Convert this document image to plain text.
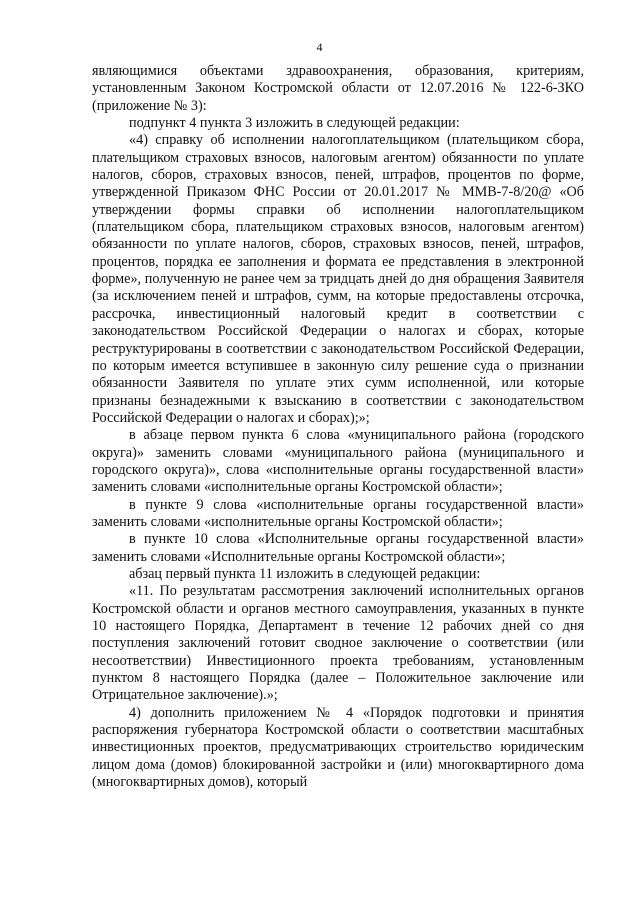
4

являющимися объектами здравоохранения, образования, критериям, установленным Законом Костромской области от 12.07.2016 № 122-6-ЗКО (приложение № 3):

подпункт 4 пункта 3 изложить в следующей редакции:

«4) справку об исполнении налогоплательщиком (плательщиком сбора, плательщиком страховых взносов, налоговым агентом) обязанности по уплате налогов, сборов, страховых взносов, пеней, штрафов, процентов по форме, утвержденной Приказом ФНС России от 20.01.2017 № ММВ-7-8/20@ «Об утверждении формы справки об исполнении налогоплательщиком (плательщиком сбора, плательщиком страховых взносов, налоговым агентом) обязанности по уплате налогов, сборов, страховых взносов, пеней, штрафов, процентов, порядка ее заполнения и формата ее представления в электронной форме», полученную не ранее чем за тридцать дней до дня обращения Заявителя (за исключением пеней и штрафов, сумм, на которые предоставлены отсрочка, рассрочка, инвестиционный налоговый кредит в соответствии с законодательством Российской Федерации о налогах и сборах, которые реструктурированы в соответствии с законодательством Российской Федерации, по которым имеется вступившее в законную силу решение суда о признании обязанности Заявителя по уплате этих сумм исполненной, или которые признаны безнадежными к взысканию в соответствии с законодательством Российской Федерации о налогах и сборах);»;

в абзаце первом пункта 6 слова «муниципального района (городского округа)» заменить словами «муниципального района (муниципального и городского округа)», слова «исполнительные органы государственной власти» заменить словами «исполнительные органы Костромской области»;

в пункте 9 слова «исполнительные органы государственной власти» заменить словами «исполнительные органы Костромской области»;

в пункте 10 слова «Исполнительные органы государственной власти» заменить словами «Исполнительные органы Костромской области»;

абзац первый пункта 11 изложить в следующей редакции:

«11. По результатам рассмотрения заключений исполнительных органов Костромской области и органов местного самоуправления, указанных в пункте 10 настоящего Порядка, Департамент в течение 12 рабочих дней со дня поступления заключений готовит сводное заключение о соответствии (или несоответствии) Инвестиционного проекта требованиям, установленным пунктом 8 настоящего Порядка (далее – Положительное заключение или Отрицательное заключение).»;

4) дополнить приложением № 4 «Порядок подготовки и принятия распоряжения губернатора Костромской области о соответствии масштабных инвестиционных проектов, предусматривающих строительство юридическим лицом дома (домов) блокированной застройки и (или) многоквартирного дома (многоквартирных домов), который
